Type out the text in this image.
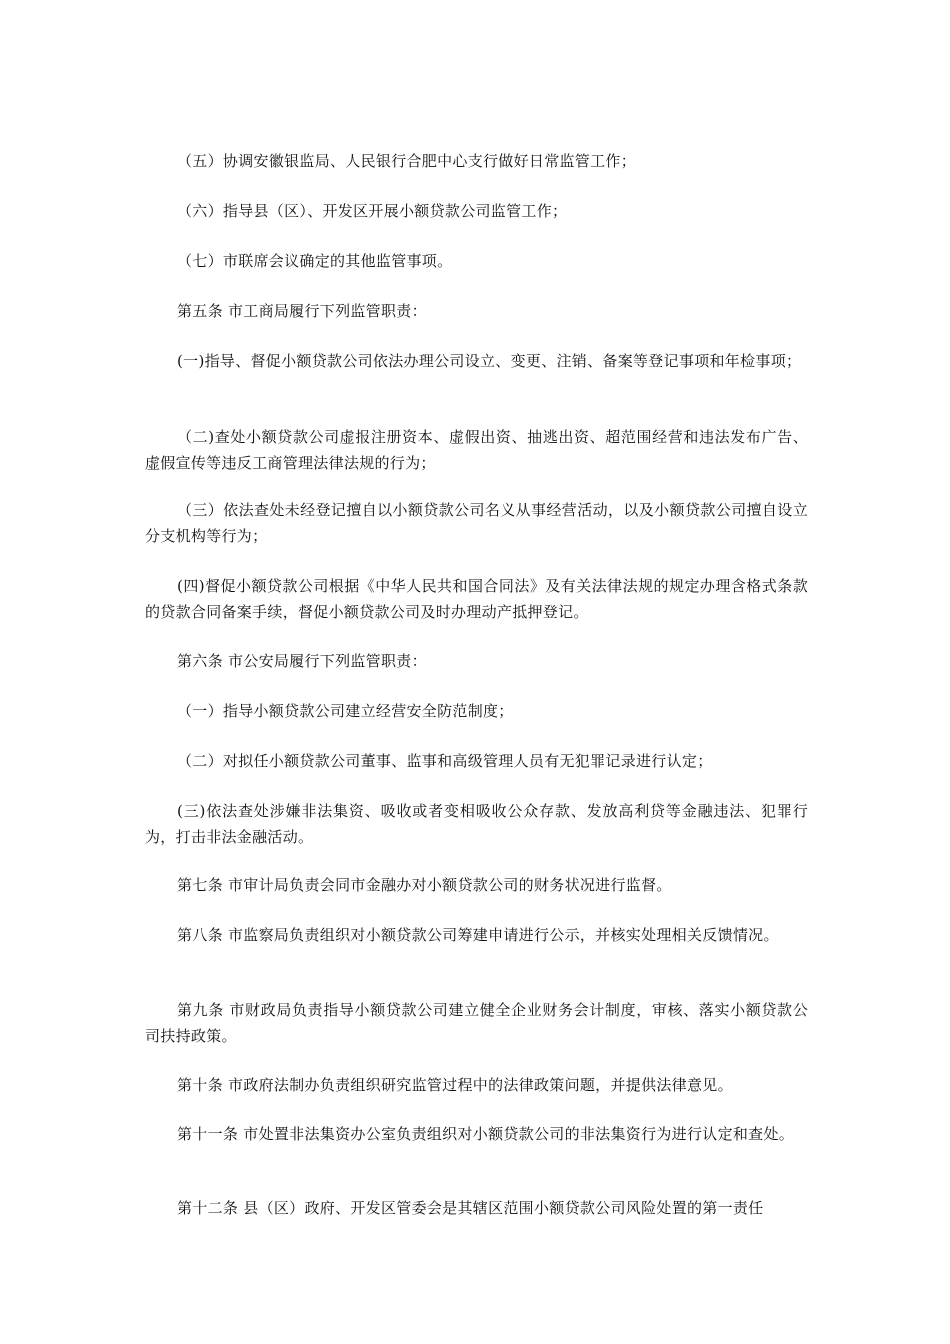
（五）协调安徽银监局、人民银行合肥中心支行做好日常监管工作；

（六）指导县（区）、开发区开展小额贷款公司监管工作；

（七）市联席会议确定的其他监管事项。

第五条 市工商局履行下列监管职责：

(一)指导、督促小额贷款公司依法办理公司设立、变更、注销、备案等登记事项和年检事项；

（二)查处小额贷款公司虚报注册资本、虚假出资、抽逃出资、超范围经营和违法发布广告、虚假宣传等违反工商管理法律法规的行为；

（三）依法查处未经登记擅自以小额贷款公司名义从事经营活动，以及小额贷款公司擅自设立分支机构等行为；

(四)督促小额贷款公司根据《中华人民共和国合同法》及有关法律法规的规定办理含格式条款的贷款合同备案手续，督促小额贷款公司及时办理动产抵押登记。

第六条 市公安局履行下列监管职责：

（一）指导小额贷款公司建立经营安全防范制度；

（二）对拟任小额贷款公司董事、监事和高级管理人员有无犯罪记录进行认定；

(三)依法查处涉嫌非法集资、吸收或者变相吸收公众存款、发放高利贷等金融违法、犯罪行为，打击非法金融活动。

第七条 市审计局负责会同市金融办对小额贷款公司的财务状况进行监督。

第八条 市监察局负责组织对小额贷款公司筹建申请进行公示，并核实处理相关反馈情况。

第九条 市财政局负责指导小额贷款公司建立健全企业财务会计制度，审核、落实小额贷款公司扶持政策。

第十条 市政府法制办负责组织研究监管过程中的法律政策问题，并提供法律意见。

第十一条 市处置非法集资办公室负责组织对小额贷款公司的非法集资行为进行认定和查处。

第十二条 县（区）政府、开发区管委会是其辖区范围小额贷款公司风险处置的第一责任
